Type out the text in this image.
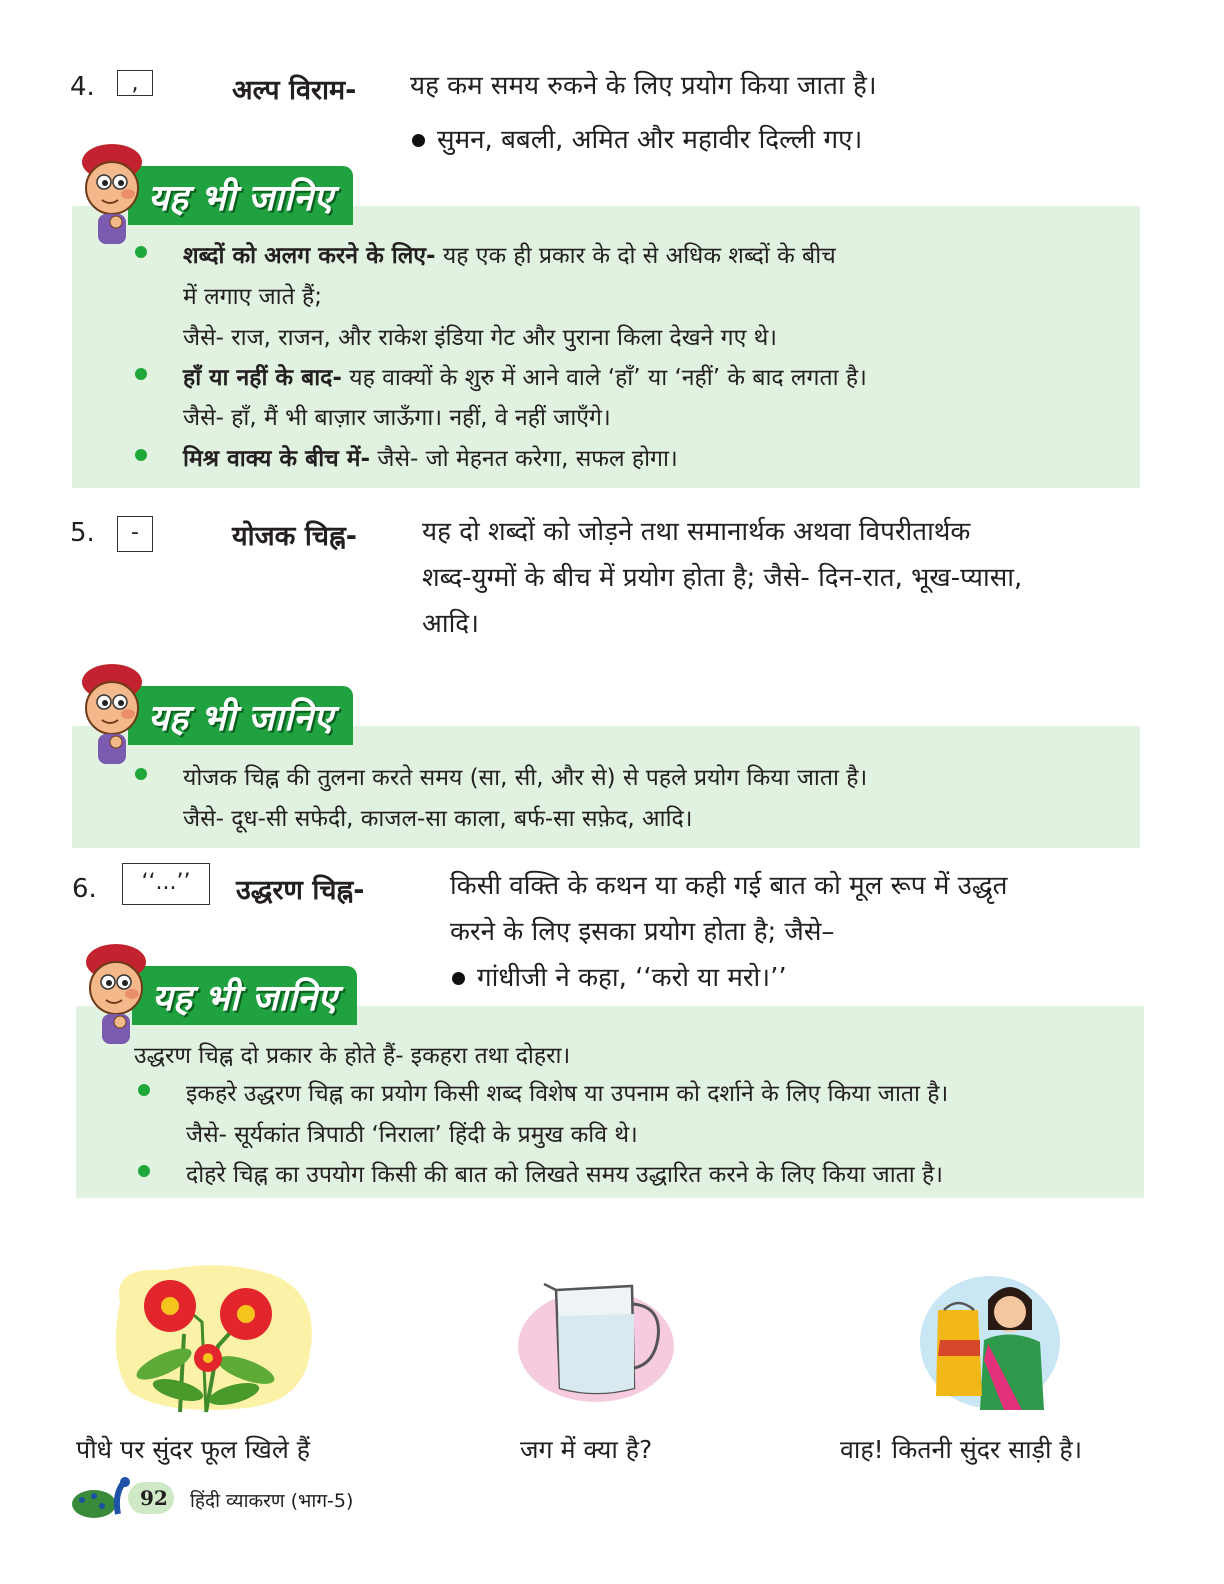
4.	,	अल्प विराम- यह कम समय रुकने के लिए प्रयोग किया जाता है।
सुमन, बबली, अमित और महावीर दिल्ली गए।
यह भी जानिए
शब्दों को अलग करने के लिए- यह एक ही प्रकार के दो से अधिक शब्दों के बीच
में लगाए जाते हैं;
जैसे- राज, राजन, और राकेश इंडिया गेट और पुराना किला देखने गए थे।
हाँ या नहीं के बाद- यह वाक्यों के शुरु में आने वाले ‘हाँ’ या ‘नहीं’ के बाद लगता है।
जैसे- हाँ, मैं भी बाज़ार जाऊँगा। नहीं, वे नहीं जाएँगे।
मिश्र वाक्य के बीच में- जैसे- जो मेहनत करेगा, सफल होगा।
5.	-	योजक चिह्न-	यह दो शब्दों को जोड़ने तथा समानार्थक अथवा विपरीतार्थक
शब्द-युग्मों के बीच में प्रयोग होता है; जैसे- दिन-रात, भूख-प्यासा,
आदि।
यह भी जानिए
योजक चिह्न की तुलना करते समय (सा, सी, और से) से पहले प्रयोग किया जाता है।
जैसे- दूध-सी सफेदी, काजल-सा काला, बर्फ-सा सफ़ेद, आदि।
6.	‘‘...’’	उद्धरण चिह्न-	किसी वक्ति के कथन या कही गई बात को मूल रूप में उद्धृत
करने के लिए इसका प्रयोग होता है; जैसे–
गांधीजी ने कहा, ‘‘करो या मरो।’’
यह भी जानिए
उद्धरण चिह्न दो प्रकार के होते हैं- इकहरा तथा दोहरा।
इकहरे उद्धरण चिह्न का प्रयोग किसी शब्द विशेष या उपनाम को दर्शाने के लिए किया जाता है।
जैसे- सूर्यकांत त्रिपाठी ‘निराला’ हिंदी के प्रमुख कवि थे।
दोहरे चिह्न का उपयोग किसी की बात को लिखते समय उद्धारित करने के लिए किया जाता है।
पौधे पर सुंदर फूल खिले हैं	जग में क्या है?	वाह! कितनी सुंदर साड़ी है।
92 हिंदी व्याकरण (भाग-5)
